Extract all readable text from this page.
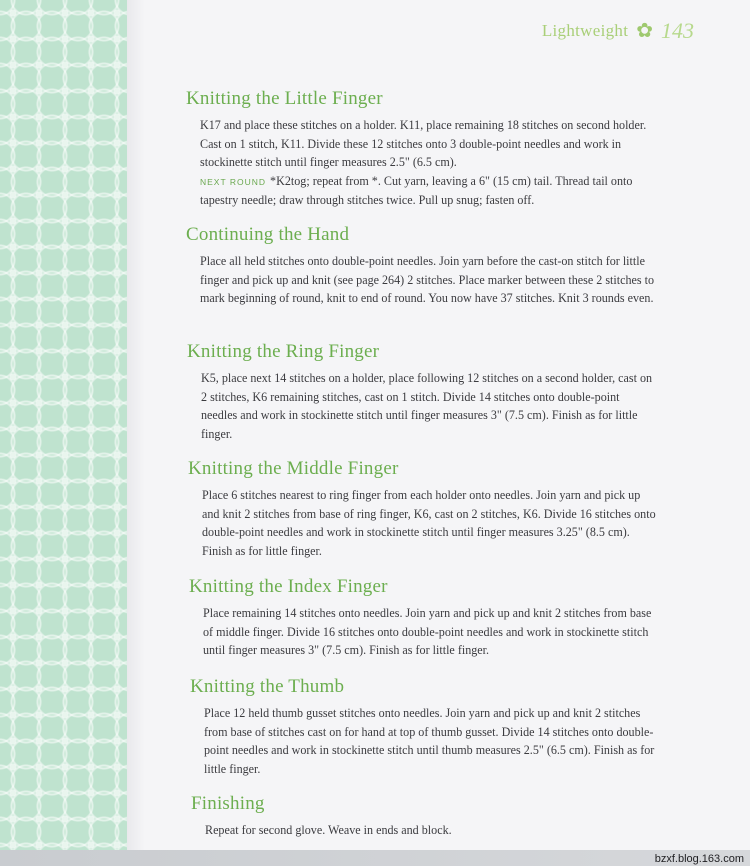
Lightweight ✿ 143
Knitting the Little Finger

K17 and place these stitches on a holder. K11, place remaining 18 stitches on second holder. Cast on 1 stitch, K11. Divide these 12 stitches onto 3 double-point needles and work in stockinette stitch until finger measures 2.5" (6.5 cm).

NEXT ROUND *K2tog; repeat from *. Cut yarn, leaving a 6" (15 cm) tail. Thread tail onto tapestry needle; draw through stitches twice. Pull up snug; fasten off.

Continuing the Hand

Place all held stitches onto double-point needles. Join yarn before the cast-on stitch for little finger and pick up and knit (see page 264) 2 stitches. Place marker between these 2 stitches to mark beginning of round, knit to end of round. You now have 37 stitches. Knit 3 rounds even.

Knitting the Ring Finger

K5, place next 14 stitches on a holder, place following 12 stitches on a second holder, cast on 2 stitches, K6 remaining stitches, cast on 1 stitch. Divide 14 stitches onto double-point needles and work in stockinette stitch until finger measures 3" (7.5 cm). Finish as for little finger.

Knitting the Middle Finger

Place 6 stitches nearest to ring finger from each holder onto needles. Join yarn and pick up and knit 2 stitches from base of ring finger, K6, cast on 2 stitches, K6. Divide 16 stitches onto double-point needles and work in stockinette stitch until finger measures 3.25" (8.5 cm). Finish as for little finger.

Knitting the Index Finger

Place remaining 14 stitches onto needles. Join yarn and pick up and knit 2 stitches from base of middle finger. Divide 16 stitches onto double-point needles and work in stockinette stitch until finger measures 3" (7.5 cm). Finish as for little finger.

Knitting the Thumb

Place 12 held thumb gusset stitches onto needles. Join yarn and pick up and knit 2 stitches from base of stitches cast on for hand at top of thumb gusset. Divide 14 stitches onto double-point needles and work in stockinette stitch until thumb measures 2.5" (6.5 cm). Finish as for little finger.

Finishing

Repeat for second glove. Weave in ends and block.

bzxf.blog.163.com
